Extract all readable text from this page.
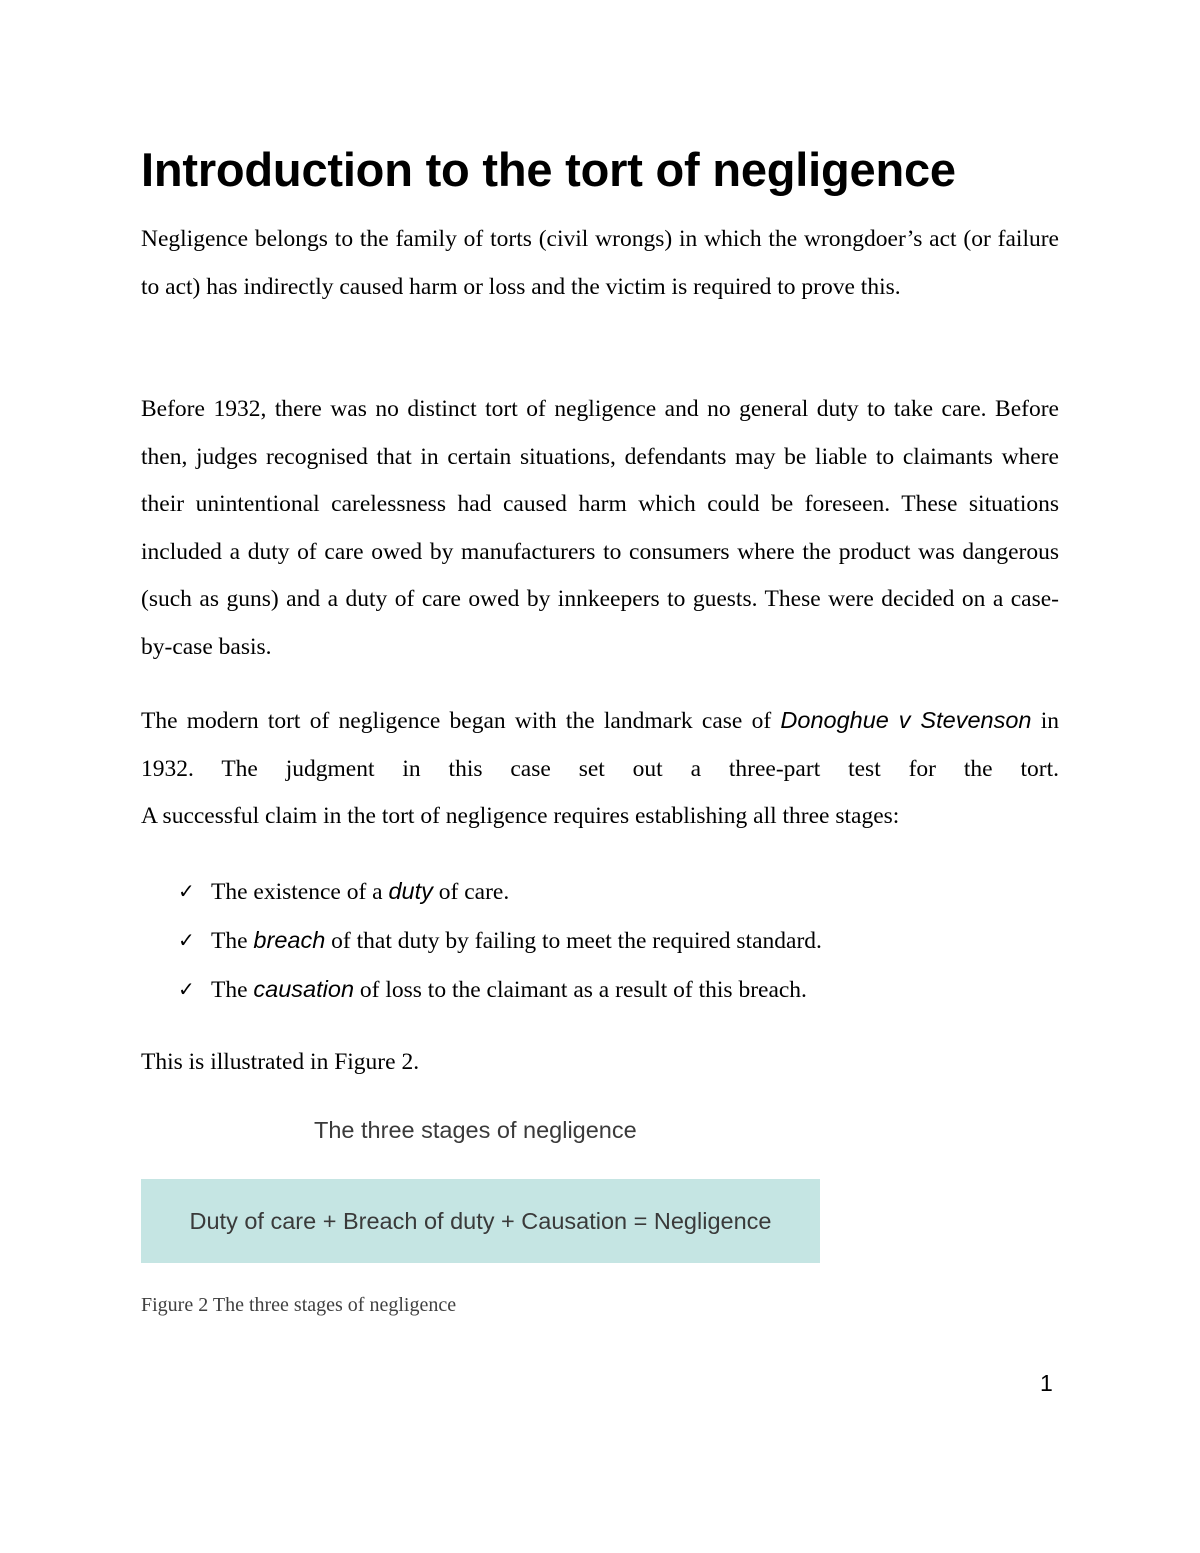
Introduction to the tort of negligence

Negligence belongs to the family of torts (civil wrongs) in which the wrongdoer’s act (or failure to act) has indirectly caused harm or loss and the victim is required to prove this.

Before 1932, there was no distinct tort of negligence and no general duty to take care. Before then, judges recognised that in certain situations, defendants may be liable to claimants where their unintentional carelessness had caused harm which could be foreseen. These situations included a duty of care owed by manufacturers to consumers where the product was dangerous (such as guns) and a duty of care owed by innkeepers to guests. These were decided on a case-by-case basis.

The modern tort of negligence began with the landmark case of Donoghue v Stevenson in 1932. The judgment in this case set out a three-part test for the tort.
A successful claim in the tort of negligence requires establishing all three stages:
✓ The existence of a duty of care.
✓ The breach of that duty by failing to meet the required standard.
✓ The causation of loss to the claimant as a result of this breach.

This is illustrated in Figure 2.

The three stages of negligence

Duty of care + Breach of duty + Causation = Negligence

Figure 2 The three stages of negligence

1
